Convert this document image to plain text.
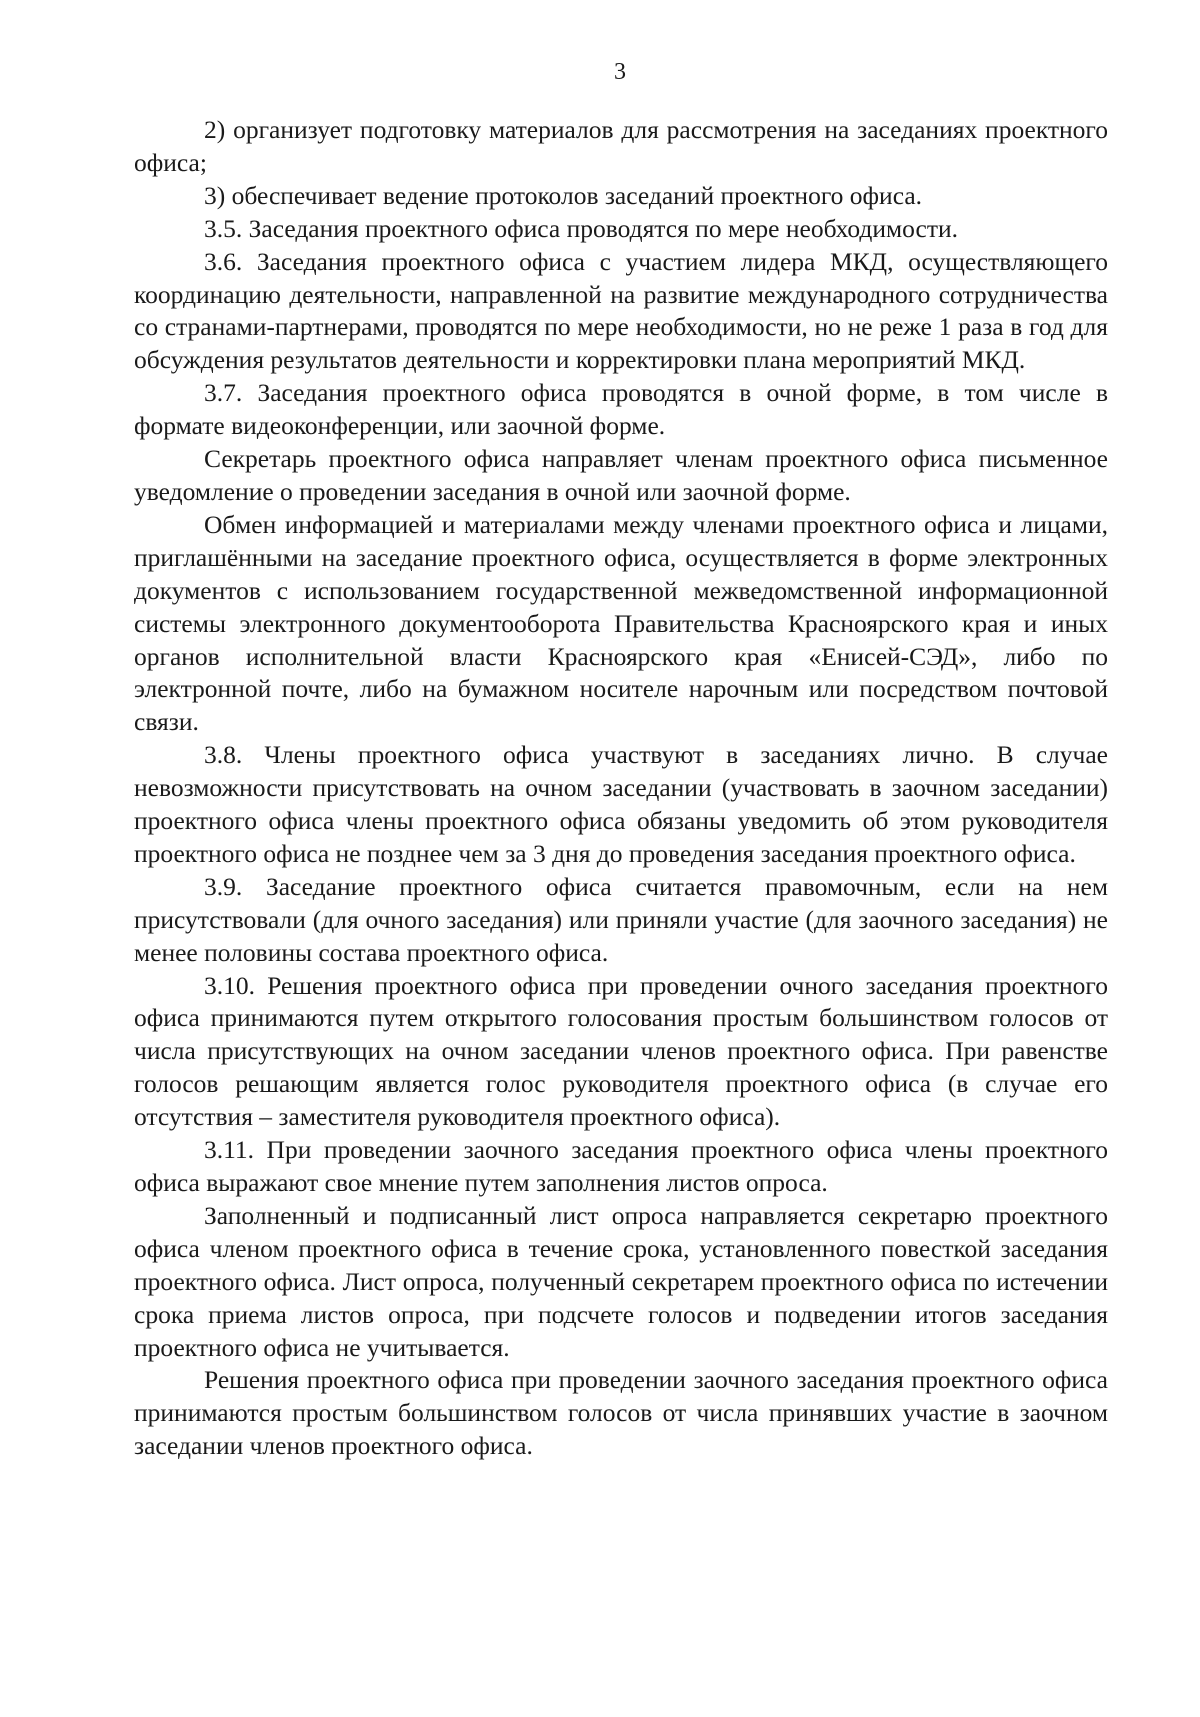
3

2) организует подготовку материалов для рассмотрения на заседаниях проектного офиса;

3) обеспечивает ведение протоколов заседаний проектного офиса.

3.5. Заседания проектного офиса проводятся по мере необходимости.

3.6. Заседания проектного офиса с участием лидера МКД, осуществляющего координацию деятельности, направленной на развитие международного сотрудничества со странами-партнерами, проводятся по мере необходимости, но не реже 1 раза в год для обсуждения результатов деятельности и корректировки плана мероприятий МКД.

3.7. Заседания проектного офиса проводятся в очной форме, в том числе в формате видеоконференции, или заочной форме.

Секретарь проектного офиса направляет членам проектного офиса письменное уведомление о проведении заседания в очной или заочной форме.

Обмен информацией и материалами между членами проектного офиса и лицами, приглашёнными на заседание проектного офиса, осуществляется в форме электронных документов с использованием государственной межведомственной информационной системы электронного документооборота Правительства Красноярского края и иных органов исполнительной власти Красноярского края «Енисей-СЭД», либо по электронной почте, либо на бумажном носителе нарочным или посредством почтовой связи.

3.8. Члены проектного офиса участвуют в заседаниях лично. В случае невозможности присутствовать на очном заседании (участвовать в заочном заседании) проектного офиса члены проектного офиса обязаны уведомить об этом руководителя проектного офиса не позднее чем за 3 дня до проведения заседания проектного офиса.

3.9. Заседание проектного офиса считается правомочным, если на нем присутствовали (для очного заседания) или приняли участие (для заочного заседания) не менее половины состава проектного офиса.

3.10. Решения проектного офиса при проведении очного заседания проектного офиса принимаются путем открытого голосования простым большинством голосов от числа присутствующих на очном заседании членов проектного офиса. При равенстве голосов решающим является голос руководителя проектного офиса (в случае его отсутствия – заместителя руководителя проектного офиса).

3.11. При проведении заочного заседания проектного офиса члены проектного офиса выражают свое мнение путем заполнения листов опроса.

Заполненный и подписанный лист опроса направляется секретарю проектного офиса членом проектного офиса в течение срока, установленного повесткой заседания проектного офиса. Лист опроса, полученный секретарем проектного офиса по истечении срока приема листов опроса, при подсчете голосов и подведении итогов заседания проектного офиса не учитывается.

Решения проектного офиса при проведении заочного заседания проектного офиса принимаются простым большинством голосов от числа принявших участие в заочном заседании членов проектного офиса.
